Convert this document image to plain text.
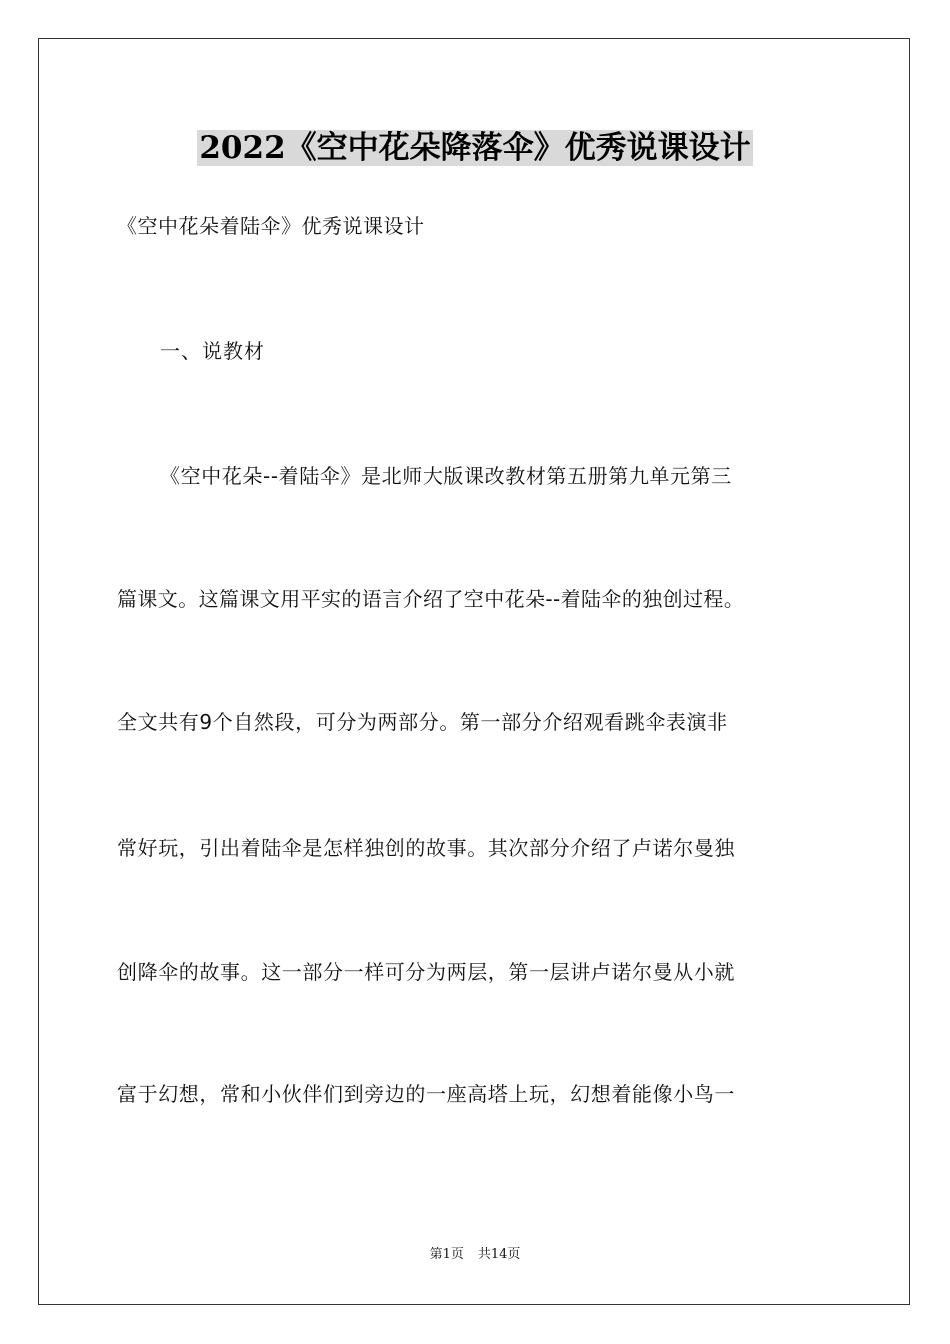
2022《空中花朵降落伞》优秀说课设计
《空中花朵着陆伞》优秀说课设计
一、说教材
《空中花朵--着陆伞》是北师大版课改教材第五册第九单元第三
篇课文。这篇课文用平实的语言介绍了空中花朵--着陆伞的独创过程。
全文共有9个自然段，可分为两部分。第一部分介绍观看跳伞表演非
常好玩，引出着陆伞是怎样独创的故事。其次部分介绍了卢诺尔曼独
创降伞的故事。这一部分一样可分为两层，第一层讲卢诺尔曼从小就
富于幻想，常和小伙伴们到旁边的一座高塔上玩，幻想着能像小鸟一
第1页 共14页
